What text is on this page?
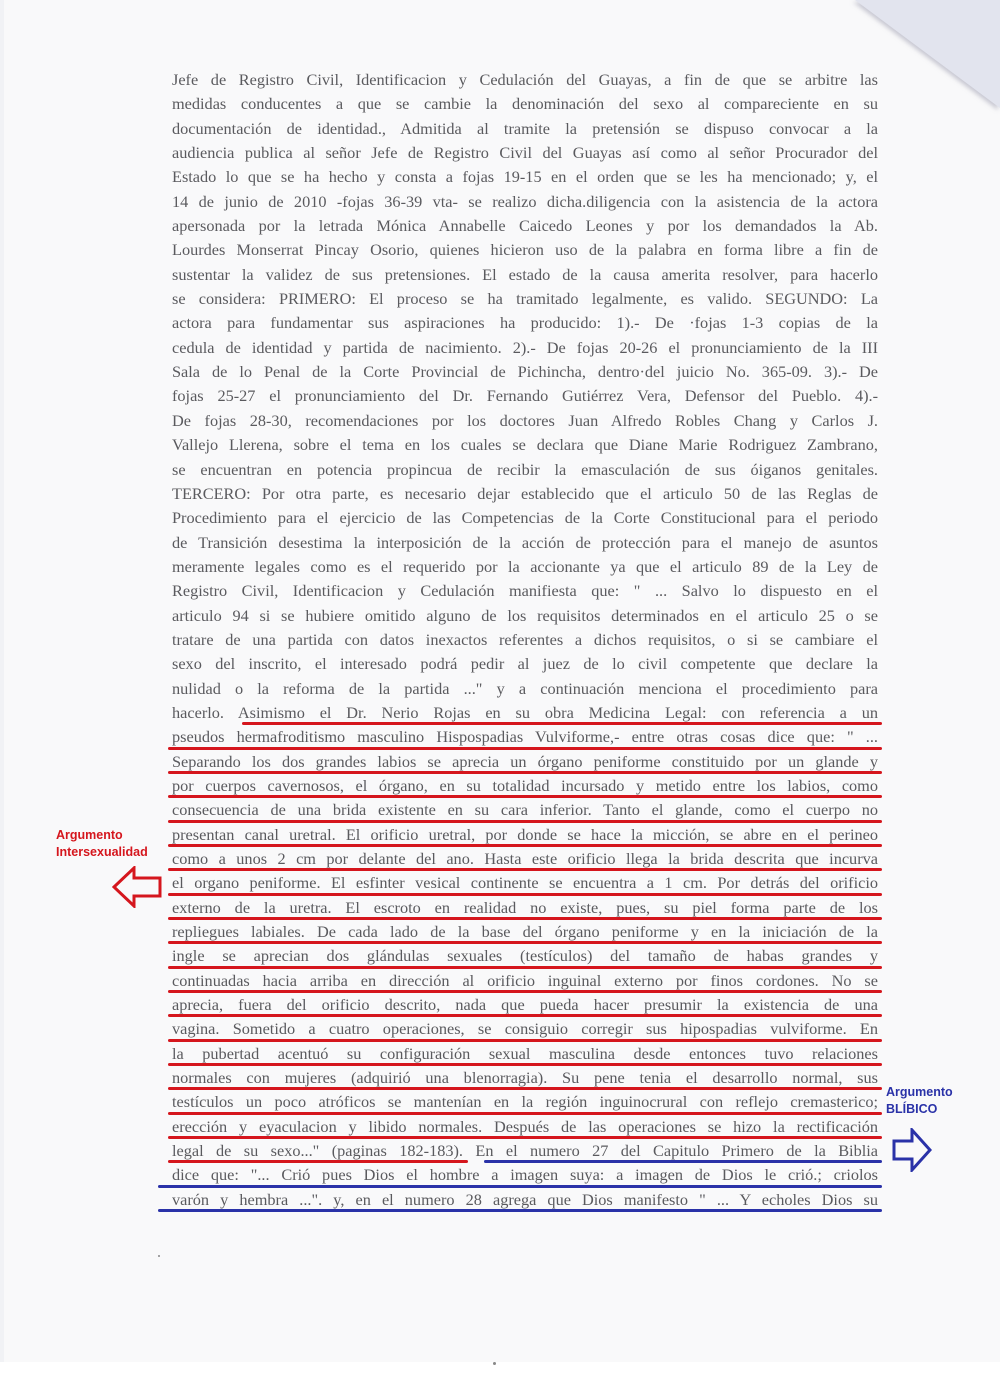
Jefe de Registro Civil, Identificacion y Cedulación del Guayas, a fin de que se arbitre las
medidas conducentes a que se cambie la denominación del sexo al compareciente en su
documentación de identidad., Admitida al tramite la pretensión se dispuso convocar a la
audiencia publica al señor Jefe de Registro Civil del Guayas así como al señor Procurador del
Estado lo que se ha hecho y consta a fojas 19-15 en el orden que se les ha mencionado; y, el
14 de junio de 2010 -fojas 36-39 vta- se realizo dicha.diligencia con la asistencia de la actora
apersonada por la letrada Mónica Annabelle Caicedo Leones y por los demandados la Ab.
Lourdes Monserrat Pincay Osorio, quienes hicieron uso de la palabra en forma libre a fin de
sustentar la validez de sus pretensiones. El estado de la causa amerita resolver, para hacerlo
se considera: PRIMERO: El proceso se ha tramitado legalmente, es valido. SEGUNDO: La
actora para fundamentar sus aspiraciones ha producido: 1).- De ·fojas 1-3 copias de la
cedula de identidad y partida de nacimiento. 2).- De fojas 20-26 el pronunciamiento de la III
Sala de lo Penal de la Corte Provincial de Pichincha, dentro·del juicio No. 365-09. 3).- De
fojas 25-27 el pronunciamiento del Dr. Fernando Gutiérrez Vera, Defensor del Pueblo. 4).-
De fojas 28-30, recomendaciones por los doctores Juan Alfredo Robles Chang y Carlos J.
Vallejo Llerena, sobre el tema en los cuales se declara que Diane Marie Rodriguez Zambrano,
se encuentran en potencia propincua de recibir la emasculación de sus óiganos genitales.
TERCERO: Por otra parte, es necesario dejar establecido que el articulo 50 de las Reglas de
Procedimiento para el ejercicio de las Competencias de la Corte Constitucional para el periodo
de Transición desestima la interposición de la acción de protección para el manejo de asuntos
meramente legales como es el requerido por la accionante ya que el articulo 89 de la Ley de
Registro Civil, Identificacion y Cedulación manifiesta que: " ... Salvo lo dispuesto en el
articulo 94 si se hubiere omitido alguno de los requisitos determinados en el articulo 25 o se
tratare de una partida con datos inexactos referentes a dichos requisitos, o si se cambiare el
sexo del inscrito, el interesado podrá pedir al juez de lo civil competente que declare la
nulidad o la reforma de la partida ..." y a continuación menciona el procedimiento para
hacerlo. Asimismo el Dr. Nerio Rojas en su obra Medicina Legal: con referencia a un
pseudos hermafroditismo masculino Hispospadias Vulviforme,- entre otras cosas dice que: " ...
Separando los dos grandes labios se aprecia un órgano peniforme constituido por un glande y
por cuerpos cavernosos, el órgano, en su totalidad incursado y metido entre los labios, como
consecuencia de una brida existente en su cara inferior. Tanto el glande, como el cuerpo no
presentan canal uretral. El orificio uretral, por donde se hace la micción, se abre en el perineo
como a unos 2 cm por delante del ano. Hasta este orificio llega la brida descrita que incurva
el organo peniforme. El esfinter vesical continente se encuentra a 1 cm. Por detrás del orificio
externo de la uretra. El escroto en realidad no existe, pues, su piel forma parte de los
repliegues labiales. De cada lado de la base del órgano peniforme y en la iniciación de la
ingle se aprecian dos glándulas sexuales (testículos) del tamaño de habas grandes y
continuadas hacia arriba en dirección al orificio inguinal externo por finos cordones. No se
aprecia, fuera del orificio descrito, nada que pueda hacer presumir la existencia de una
vagina. Sometido a cuatro operaciones, se consiguio corregir sus hipospadias vulviforme. En
la pubertad acentuó su configuración sexual masculina desde entonces tuvo relaciones
normales con mujeres (adquirió una blenorragia). Su pene tenia el desarrollo normal, sus
testículos un poco atróficos se mantenían en la región inguinocrural con reflejo cremasterico;
erección y eyaculacion y libido normales. Después de las operaciones se hizo la rectificación
legal de su sexo..." (paginas 182-183). En el numero 27 del Capitulo Primero de la Biblia
dice que: "... Crió pues Dios el hombre a imagen suya: a imagen de Dios le crió.; criolos
varón y hembra ...". y, en el numero 28 agrega que Dios manifesto " ... Y echoles Dios su
Argumento
Intersexualidad
Argumento
BLÍBICO
